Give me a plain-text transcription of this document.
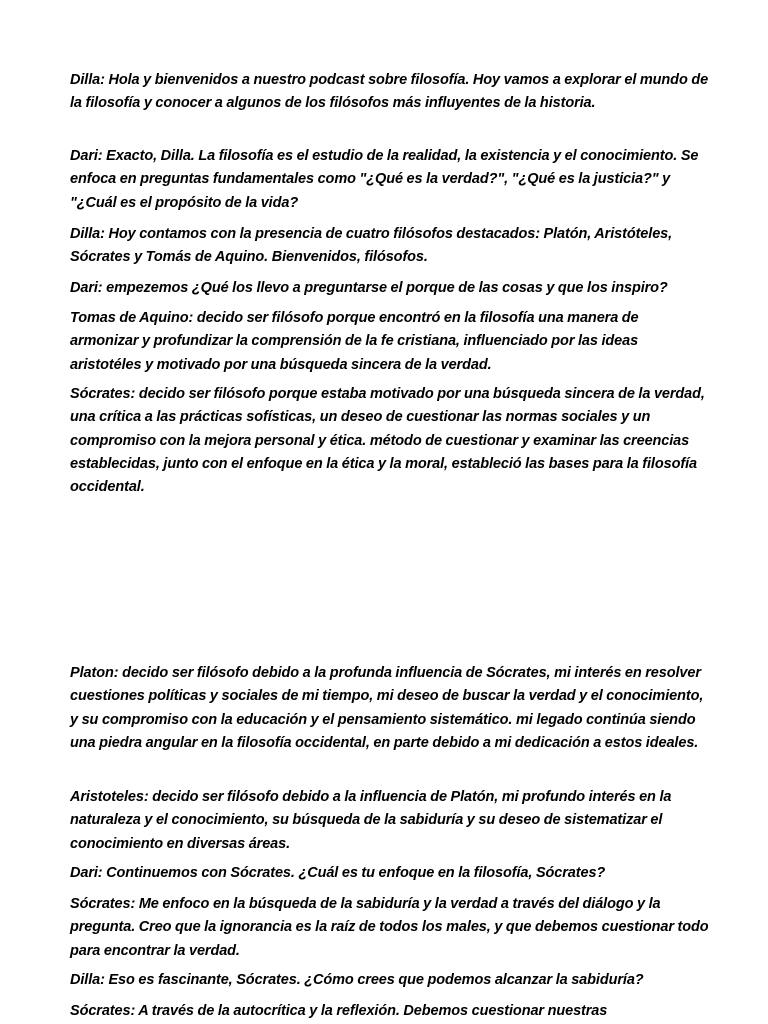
Dilla: Hola y bienvenidos a nuestro podcast sobre filosofía. Hoy vamos a explorar el mundo de la filosofía y conocer a algunos de los filósofos más influyentes de la historia.

Dari: Exacto, Dilla. La filosofía es el estudio de la realidad, la existencia y el conocimiento. Se enfoca en preguntas fundamentales como "¿Qué es la verdad?", "¿Qué es la justicia?" y "¿Cuál es el propósito de la vida?

Dilla: Hoy contamos con la presencia de cuatro filósofos destacados: Platón, Aristóteles, Sócrates y Tomás de Aquino. Bienvenidos, filósofos.

Dari: empezemos ¿Qué los llevo a preguntarse el porque de las cosas y que los inspiro?

Tomas de Aquino: decido ser filósofo porque encontró en la filosofía una manera de armonizar y profundizar la comprensión de la fe cristiana, influenciado por las ideas aristotéles y motivado por una búsqueda sincera de la verdad.

Sócrates: decido ser filósofo porque estaba motivado por una búsqueda sincera de la verdad, una crítica a las prácticas sofísticas, un deseo de cuestionar las normas sociales y un compromiso con la mejora personal y ética. método de cuestionar y examinar las creencias establecidas, junto con el enfoque en la ética y la moral, estableció las bases para la filosofía occidental.

Platon: decido ser filósofo debido a la profunda influencia de Sócrates, mi interés en resolver cuestiones políticas y sociales de mi tiempo, mi deseo de buscar la verdad y el conocimiento, y su compromiso con la educación y el pensamiento sistemático. mi legado continúa siendo una piedra angular en la filosofía occidental, en parte debido a mi dedicación a estos ideales.

Aristoteles: decido ser filósofo debido a la influencia de Platón, mi profundo interés en la naturaleza y el conocimiento, su búsqueda de la sabiduría y su deseo de sistematizar el conocimiento en diversas áreas.

Dari: Continuemos con Sócrates. ¿Cuál es tu enfoque en la filosofía, Sócrates?

Sócrates: Me enfoco en la búsqueda de la sabiduría y la verdad a través del diálogo y la pregunta. Creo que la ignorancia es la raíz de todos los males, y que debemos cuestionar todo para encontrar la verdad.

Dilla: Eso es fascinante, Sócrates. ¿Cómo crees que podemos alcanzar la sabiduría?

Sócrates: A través de la autocrítica y la reflexión. Debemos cuestionar nuestras
